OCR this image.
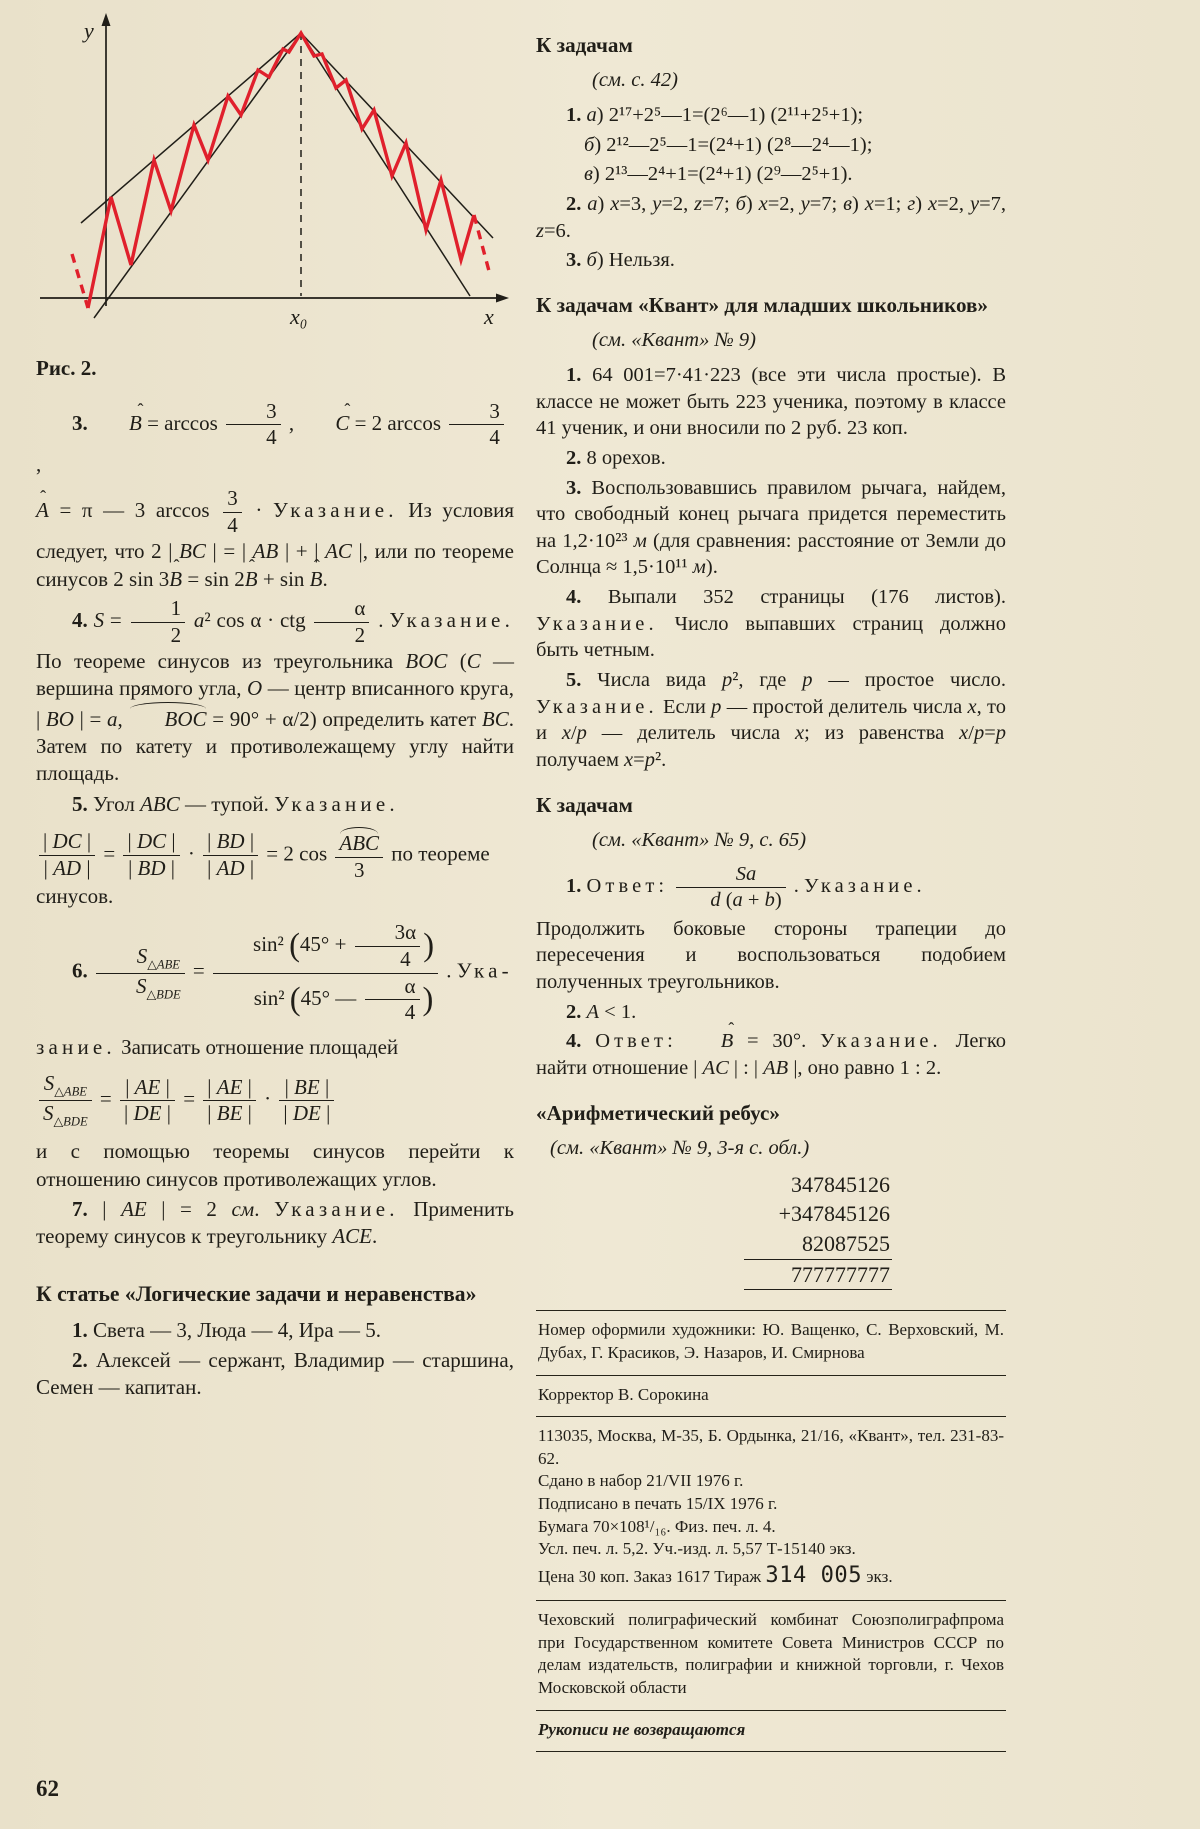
y
x
x₀
Рис. 2.
3. B ˆ = $\arccos \frac{3}{4}$ , C ˆ = 2 $\arccos \frac{3}{4}$
,
A ˆ = π — 3 $\arccos \frac{3}{4}$ · Указание. Из условия следует, что 2 | BC | = | AB | + | AC |, или по теореме синусов 2 sin 3B ˆ = sin 2B ˆ + sin B ˆ.
4. $S = \frac{1}{2} a^2$ cos α · ctg $\frac{\alpha}{2}$ . Указание. По теореме синусов из треугольника BOC (C — вершина прямого угла, O — центр вписанного круга, | BO | = a, BOC = 90° + α/2) определить катет BC. Затем по катету и противолежащему углу найти площадь.
5. Угол ABC — тупой. Указание.
$\frac{| DC |}{| AD |} = \frac{| DC |}{| BD |} \cdot \frac{| BD |}{| AD |} = 2$ $\cos \frac{\text{ABC}}{3}$ по теореме синусов.
6. $\frac{S_{\triangle ABE}}{S_{\triangle BDE}} = \frac{\sin^2 (45^\circ + \frac{3\alpha}{4} )}{\sin^2 (45^\circ — \frac{\alpha}{4} )}$ . Ука-
зание. Записать отношение площадей
$\frac{S_{\triangle ABE}}{S_{\triangle BDE}} = \frac{| AE |}{| DE |} = \frac{| AE |}{| BE |} \cdot \frac{| BE |}{| DE |}$
и с помощью теоремы синусов перейти к отношению синусов противолежащих углов.
7. | AE | = 2 см. Указание. Применить теорему синусов к треугольнику ACE.
К статье «Логические задачи и неравенства»
1. Света — 3, Люда — 4, Ира — 5.
2. Алексей — сержант, Владимир — старшина, Семен — капитан.
К задачам
(см. с. 42)
1. а) 2¹⁷+2⁵—1=(2⁶—1) (2¹¹+2⁵+1);
б) 2¹²—2⁵—1=(2⁴+1) (2⁸—2⁴—1);
в) 2¹³—2⁴+1=(2⁴+1) (2⁹—2⁵+1).
2. а) x=3, y=2, z=7; б) x=2, y=7; в) x=1; г) x=2, y=7, z=6.
3. б) Нельзя.
К задачам «Квант» для младших школьников»
(см. «Квант» № 9)
1. 64 001=7·41·223 (все эти числа простые). В классе не может быть 223 ученика, поэтому в классе 41 ученик, и они вносили по 2 руб. 23 коп.
2. 8 орехов.
3. Воспользовавшись правилом рычага, найдем, что свободный конец рычага придется переместить на 1,2·10²³ м (для сравнения: расстояние от Земли до Солнца ≈ 1,5·10¹¹ м).
4. Выпали 352 страницы (176 листов). Указание. Число выпавших страниц должно быть четным.
5. Числа вида p², где p — простое число. Указание. Если p — простой делитель числа x, то и x/p — делитель числа x; из равенства x/p=p получаем x=p².
К задачам
(см. «Квант» № 9, с. 65)
1. Ответ: $\frac{Sa}{d (a + b)}$ . Указание.
Продолжить боковые стороны трапеции до пересечения и воспользоваться подобием полученных треугольников.
2. A < 1.
4. Ответ: B ˆ = 30°. Указание. Легко найти отношение | AC | : | AB |, оно равно 1 : 2.
«Арифметический ребус»
(см. «Квант» № 9, 3-я с. обл.)
347845126
+347845126
82087525
777777777
Номер оформили художники: Ю. Ващенко, С. Верховский, М. Дубах, Г. Красиков, Э. Назаров, И. Смирнова
Корректор В. Сорокина
113035, Москва, М-35, Б. Ордынка, 21/16, «Квант», тел. 231-83-62.
Сдано в набор 21/VII 1976 г.
Подписано в печать 15/IX 1976 г.
Бумага 70×108¹/₁₆. Физ. печ. л. 4.
Усл. печ. л. 5,2. Уч.-изд. л. 5,57 Т-15140 экз.
Цена 30 коп. Заказ 1617 Тираж 314 005 экз.
Чеховский полиграфический комбинат Союзполиграфпрома при Государственном комитете Совета Министров СССР по делам издательств, полиграфии и книжной торговли, г. Чехов Московской области
Рукописи не возвращаются
62
